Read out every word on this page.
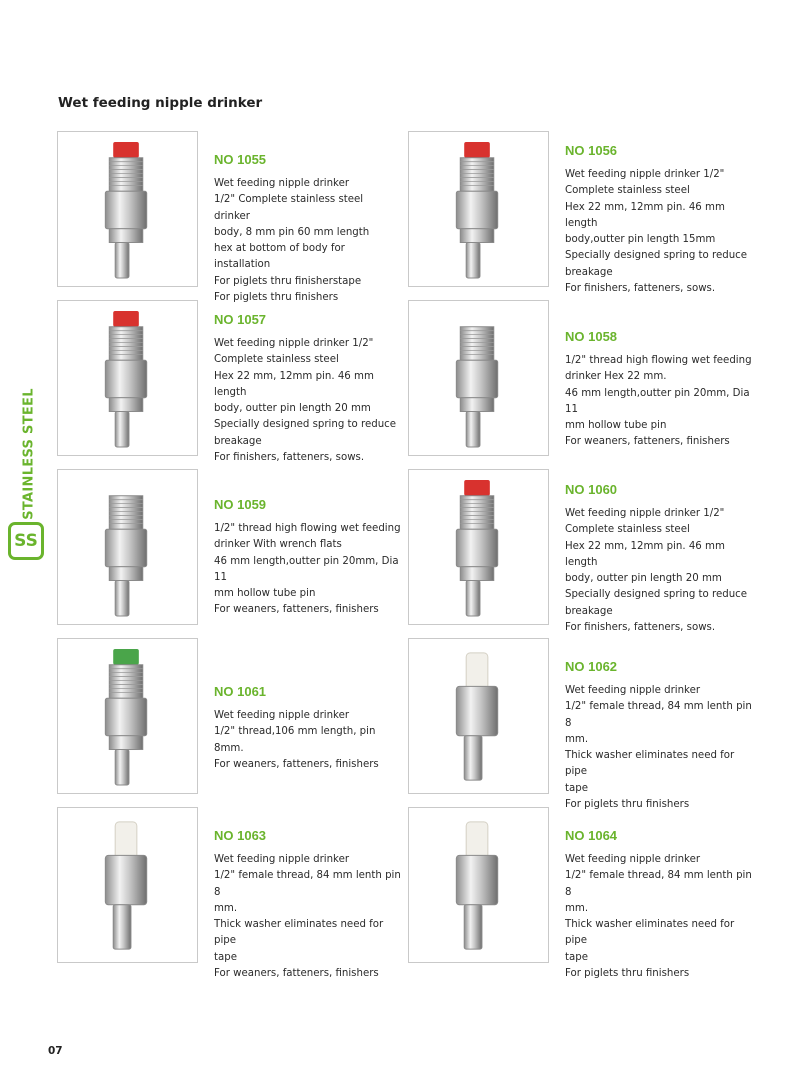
Wet feeding nipple drinker
STAINLESS STEEL
SS
NO 1055
Wet feeding nipple drinker
1/2" Complete stainless steel drinker
body, 8 mm pin 60 mm length
hex at bottom of body for installation
For piglets thru finisherstape
For piglets thru finishers
NO 1056
Wet feeding nipple drinker 1/2"
Complete stainless steel
Hex 22 mm, 12mm pin. 46 mm length
body,outter pin length 15mm
Specially designed spring to reduce
breakage
For finishers, fatteners, sows.
NO 1057
Wet feeding nipple drinker 1/2"
Complete stainless steel
Hex 22 mm, 12mm pin. 46 mm length
body, outter pin length 20 mm
Specially designed spring to reduce
breakage
For finishers, fatteners, sows.
NO 1058
1/2" thread high flowing wet feeding
drinker Hex 22 mm.
46 mm length,outter pin 20mm, Dia 11
mm hollow tube pin
For weaners, fatteners, finishers
NO 1059
1/2" thread high flowing wet feeding
drinker With wrench flats
46 mm length,outter pin 20mm, Dia 11
mm hollow tube pin
For weaners, fatteners, finishers
NO 1060
Wet feeding nipple drinker 1/2"
Complete stainless steel
Hex 22 mm, 12mm pin. 46 mm length
body, outter pin length 20 mm
Specially designed spring to reduce
breakage
For finishers, fatteners, sows.
NO 1061
Wet feeding nipple drinker
1/2" thread,106 mm length, pin 8mm.
For weaners, fatteners, finishers
NO 1062
Wet feeding nipple drinker
1/2" female thread, 84 mm lenth pin 8
mm.
Thick washer eliminates need for pipe
tape
For piglets thru finishers
NO 1063
Wet feeding nipple drinker
1/2" female thread, 84 mm lenth pin 8
mm.
Thick washer eliminates need for pipe
tape
For weaners, fatteners, finishers
NO 1064
Wet feeding nipple drinker
1/2" female thread, 84 mm lenth pin 8
mm.
Thick washer eliminates need for pipe
tape
For piglets thru finishers
07
